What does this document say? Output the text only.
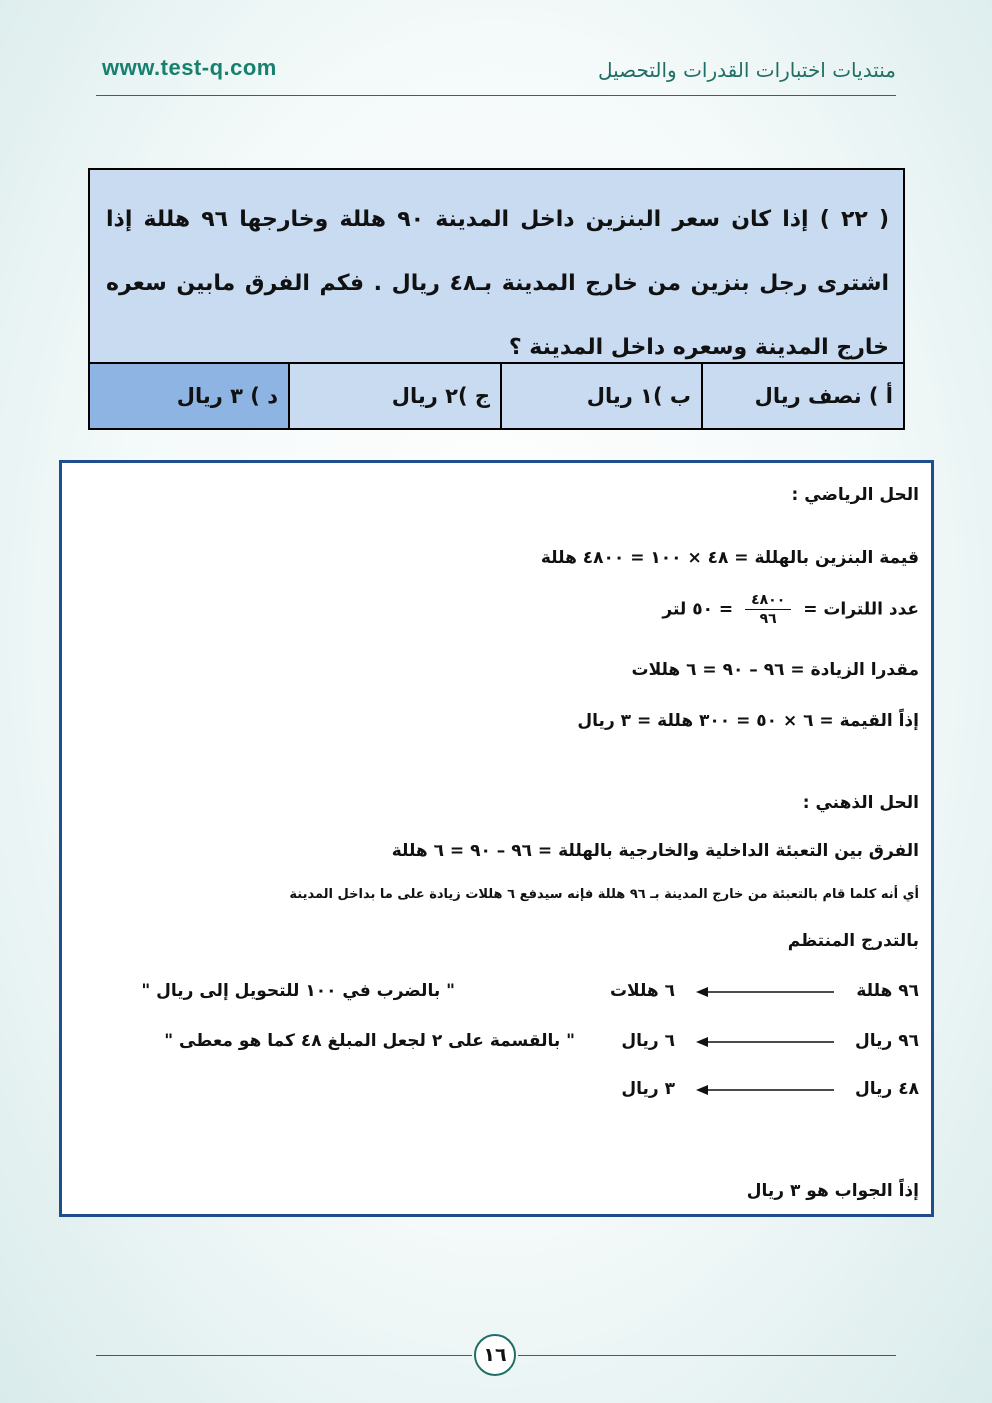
www.test-q.com	منتديات اختبارات القدرات والتحصيل
( ٢٢ ) إذا كان سعر البنزين داخل المدينة ٩٠ هللة وخارجها ٩٦ هللة إذا اشترى رجل بنزين من خارج المدينة بـ٤٨ ريال . فكم الفرق مابين سعره خارج المدينة وسعره داخل المدينة ؟
أ ) نصف ريال
ب )١ ريال
ج )٢ ريال
د ) ٣ ريال
الحل الرياضي :
قيمة البنزين بالهللة = ٤٨ × ١٠٠ = ٤٨٠٠ هللة
عدد اللترات =
$\frac{٤٨٠٠}{٩٦}$
= ٥٠ لتر
مقدرا الزيادة = ٩٦ – ٩٠ = ٦ هللات
إذاً القيمة = ٦ × ٥٠ = ٣٠٠ هللة = ٣ ريال
الحل الذهني :
الفرق بين التعبئة الداخلية والخارجية بالهللة = ٩٦ – ٩٠ = ٦ هللة
أي أنه كلما قام بالتعبئة من خارج المدينة بـ ٩٦ هللة فإنه سيدفع ٦ هللات زيادة على ما بداخل المدينة
بالتدرج المنتظم
٩٦ هللة
٦ هللات
" بالضرب في ١٠٠ للتحويل إلى ريال "
٩٦ ريال
٦ ريال
" بالقسمة على ٢ لجعل المبلغ ٤٨ كما هو معطى "
٤٨ ريال
٣ ريال
إذاً الجواب هو ٣ ريال
١٦
